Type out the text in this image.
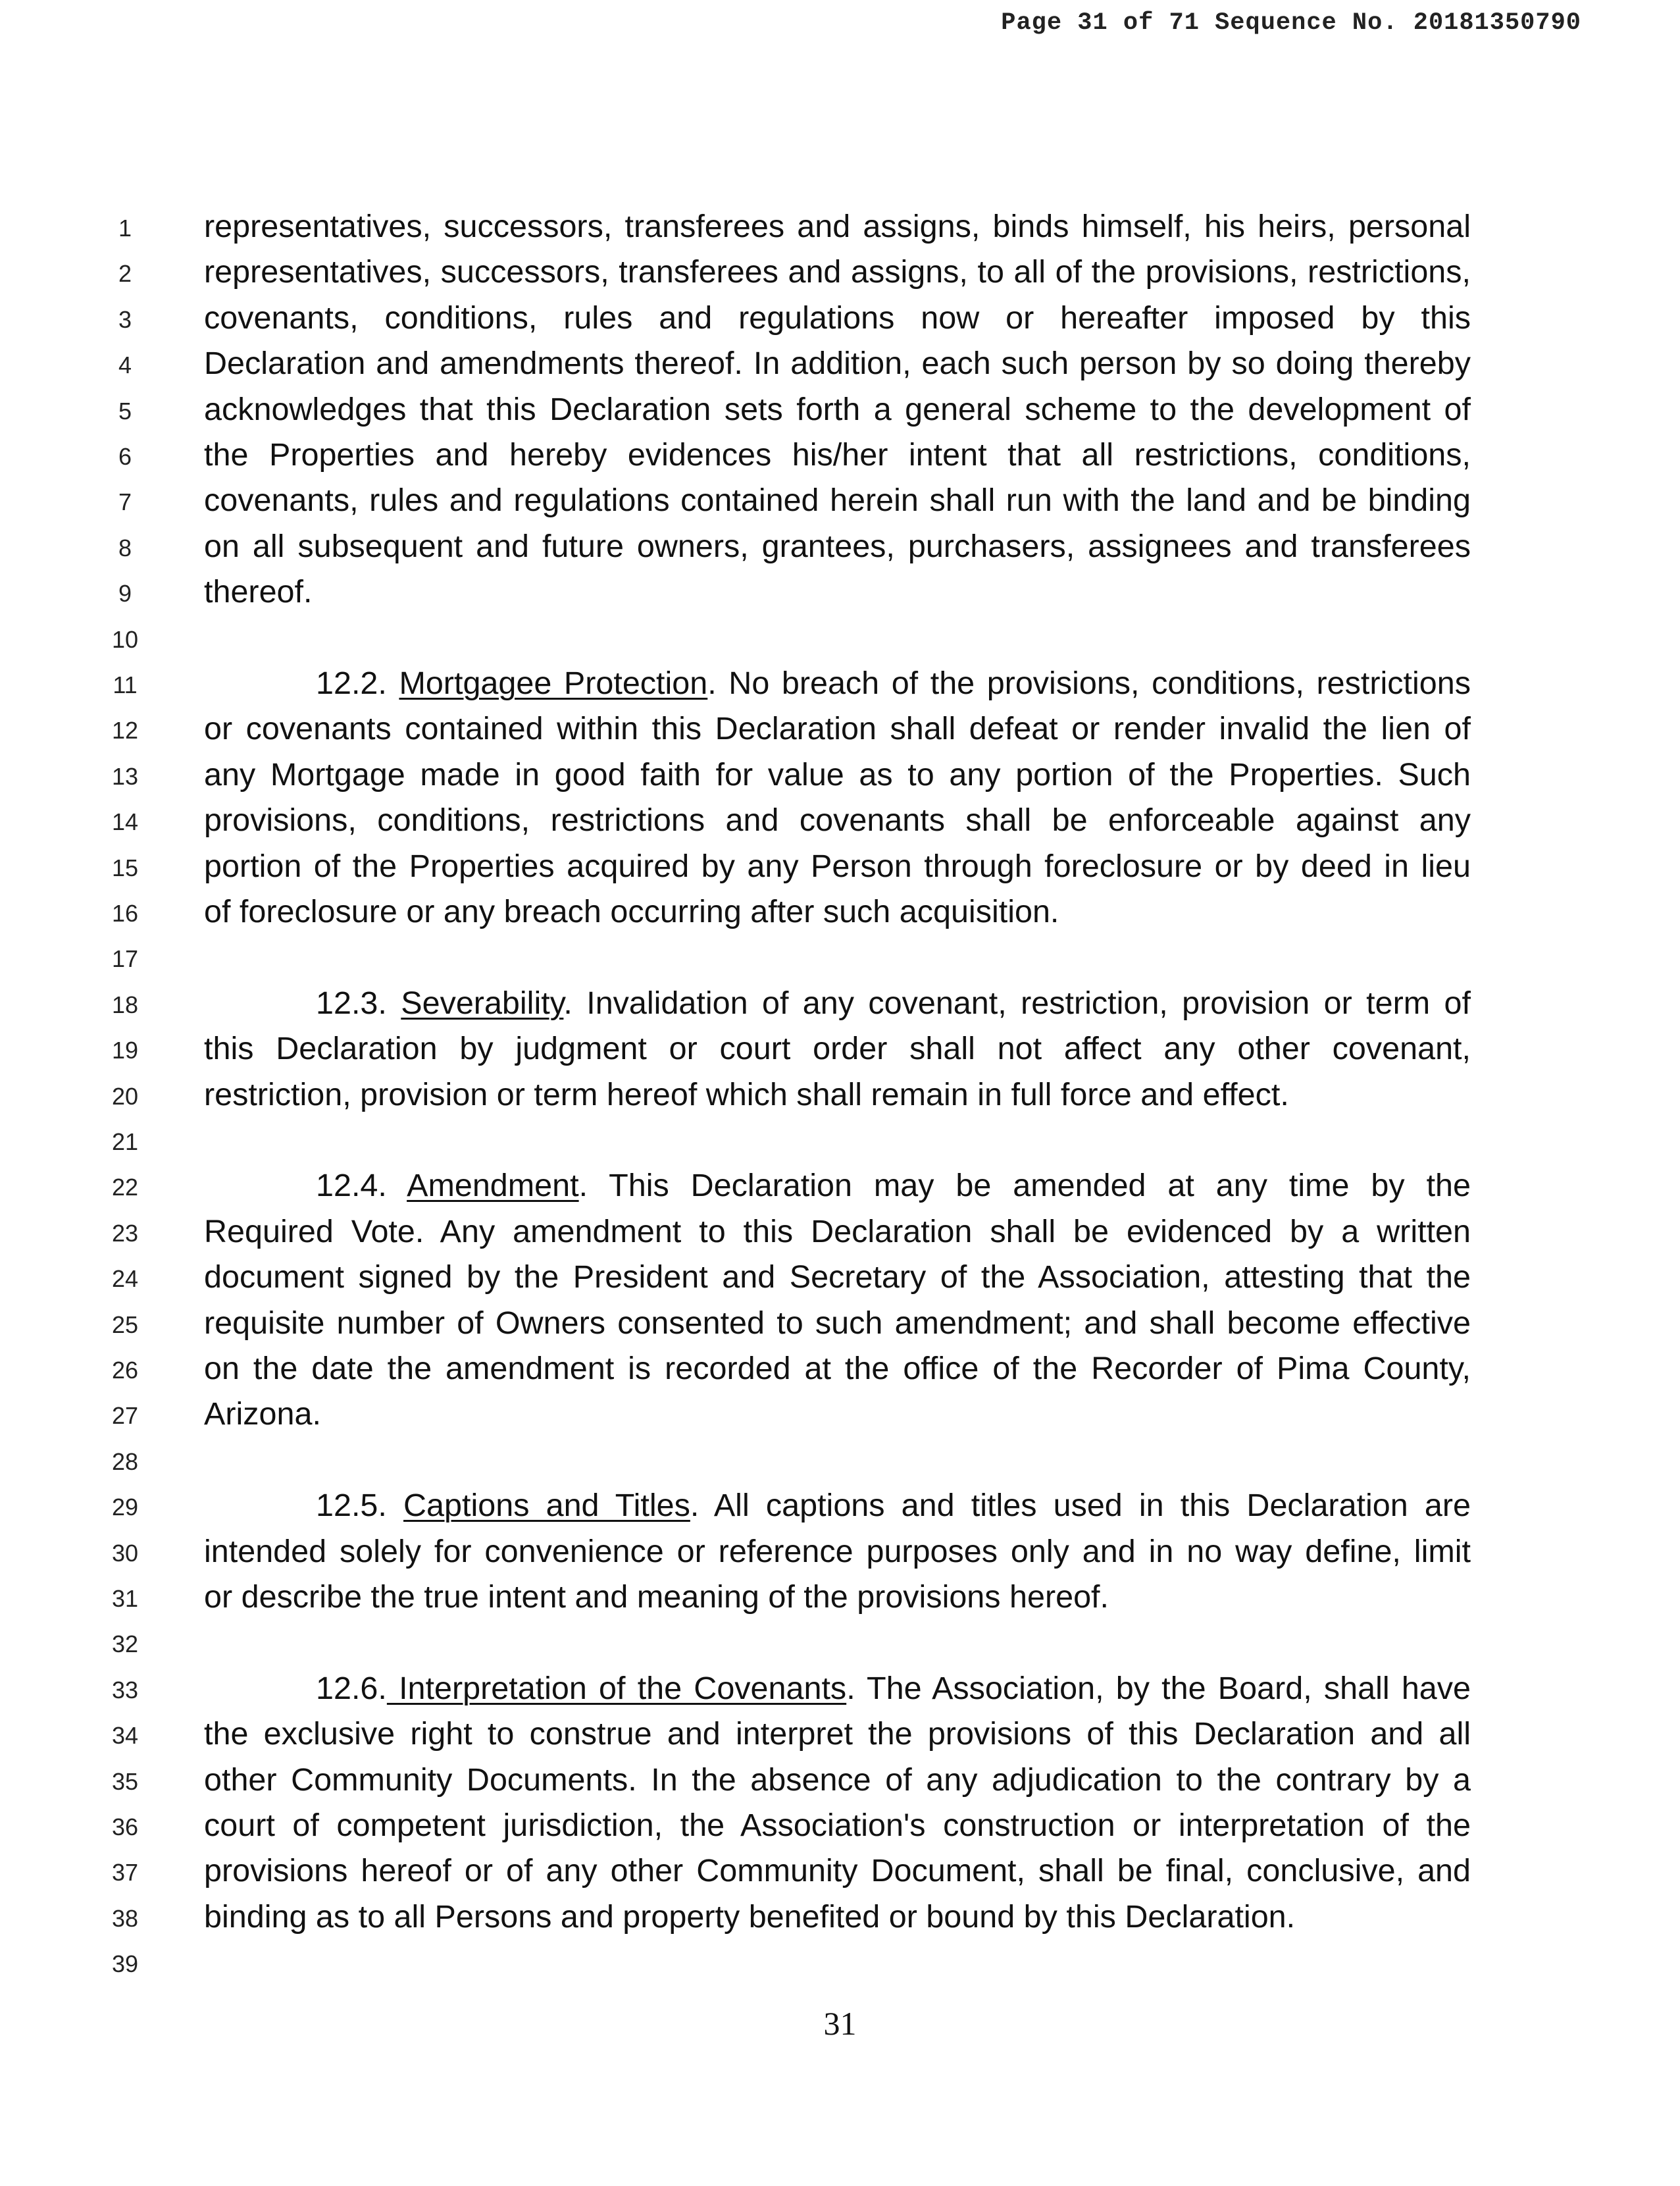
Page 31 of 71 Sequence No. 20181350790
1	representatives, successors, transferees and assigns, binds himself, his heirs, personal
2	representatives, successors, transferees and assigns, to all of the provisions, restrictions,
3	covenants, conditions, rules and regulations now or hereafter imposed by this
4	Declaration and amendments thereof. In addition, each such person by so doing thereby
5	acknowledges that this Declaration sets forth a general scheme to the development of
6	the Properties and hereby evidences his/her intent that all restrictions, conditions,
7	covenants, rules and regulations contained herein shall run with the land and be binding
8	on all subsequent and future owners, grantees, purchasers, assignees and transferees
9	thereof.
10
11	12.2. Mortgagee Protection. No breach of the provisions, conditions, restrictions
12	or covenants contained within this Declaration shall defeat or render invalid the lien of
13	any Mortgage made in good faith for value as to any portion of the Properties. Such
14	provisions, conditions, restrictions and covenants shall be enforceable against any
15	portion of the Properties acquired by any Person through foreclosure or by deed in lieu
16	of foreclosure or any breach occurring after such acquisition.
17
18	12.3. Severability. Invalidation of any covenant, restriction, provision or term of
19	this Declaration by judgment or court order shall not affect any other covenant,
20	restriction, provision or term hereof which shall remain in full force and effect.
21
22	12.4. Amendment. This Declaration may be amended at any time by the
23	Required Vote. Any amendment to this Declaration shall be evidenced by a written
24	document signed by the President and Secretary of the Association, attesting that the
25	requisite number of Owners consented to such amendment; and shall become effective
26	on the date the amendment is recorded at the office of the Recorder of Pima County,
27	Arizona.
28
29	12.5. Captions and Titles. All captions and titles used in this Declaration are
30	intended solely for convenience or reference purposes only and in no way define, limit
31	or describe the true intent and meaning of the provisions hereof.
32
33	12.6. Interpretation of the Covenants. The Association, by the Board, shall have
34	the exclusive right to construe and interpret the provisions of this Declaration and all
35	other Community Documents. In the absence of any adjudication to the contrary by a
36	court of competent jurisdiction, the Association's construction or interpretation of the
37	provisions hereof or of any other Community Document, shall be final, conclusive, and
38	binding as to all Persons and property benefited or bound by this Declaration.
39
31
